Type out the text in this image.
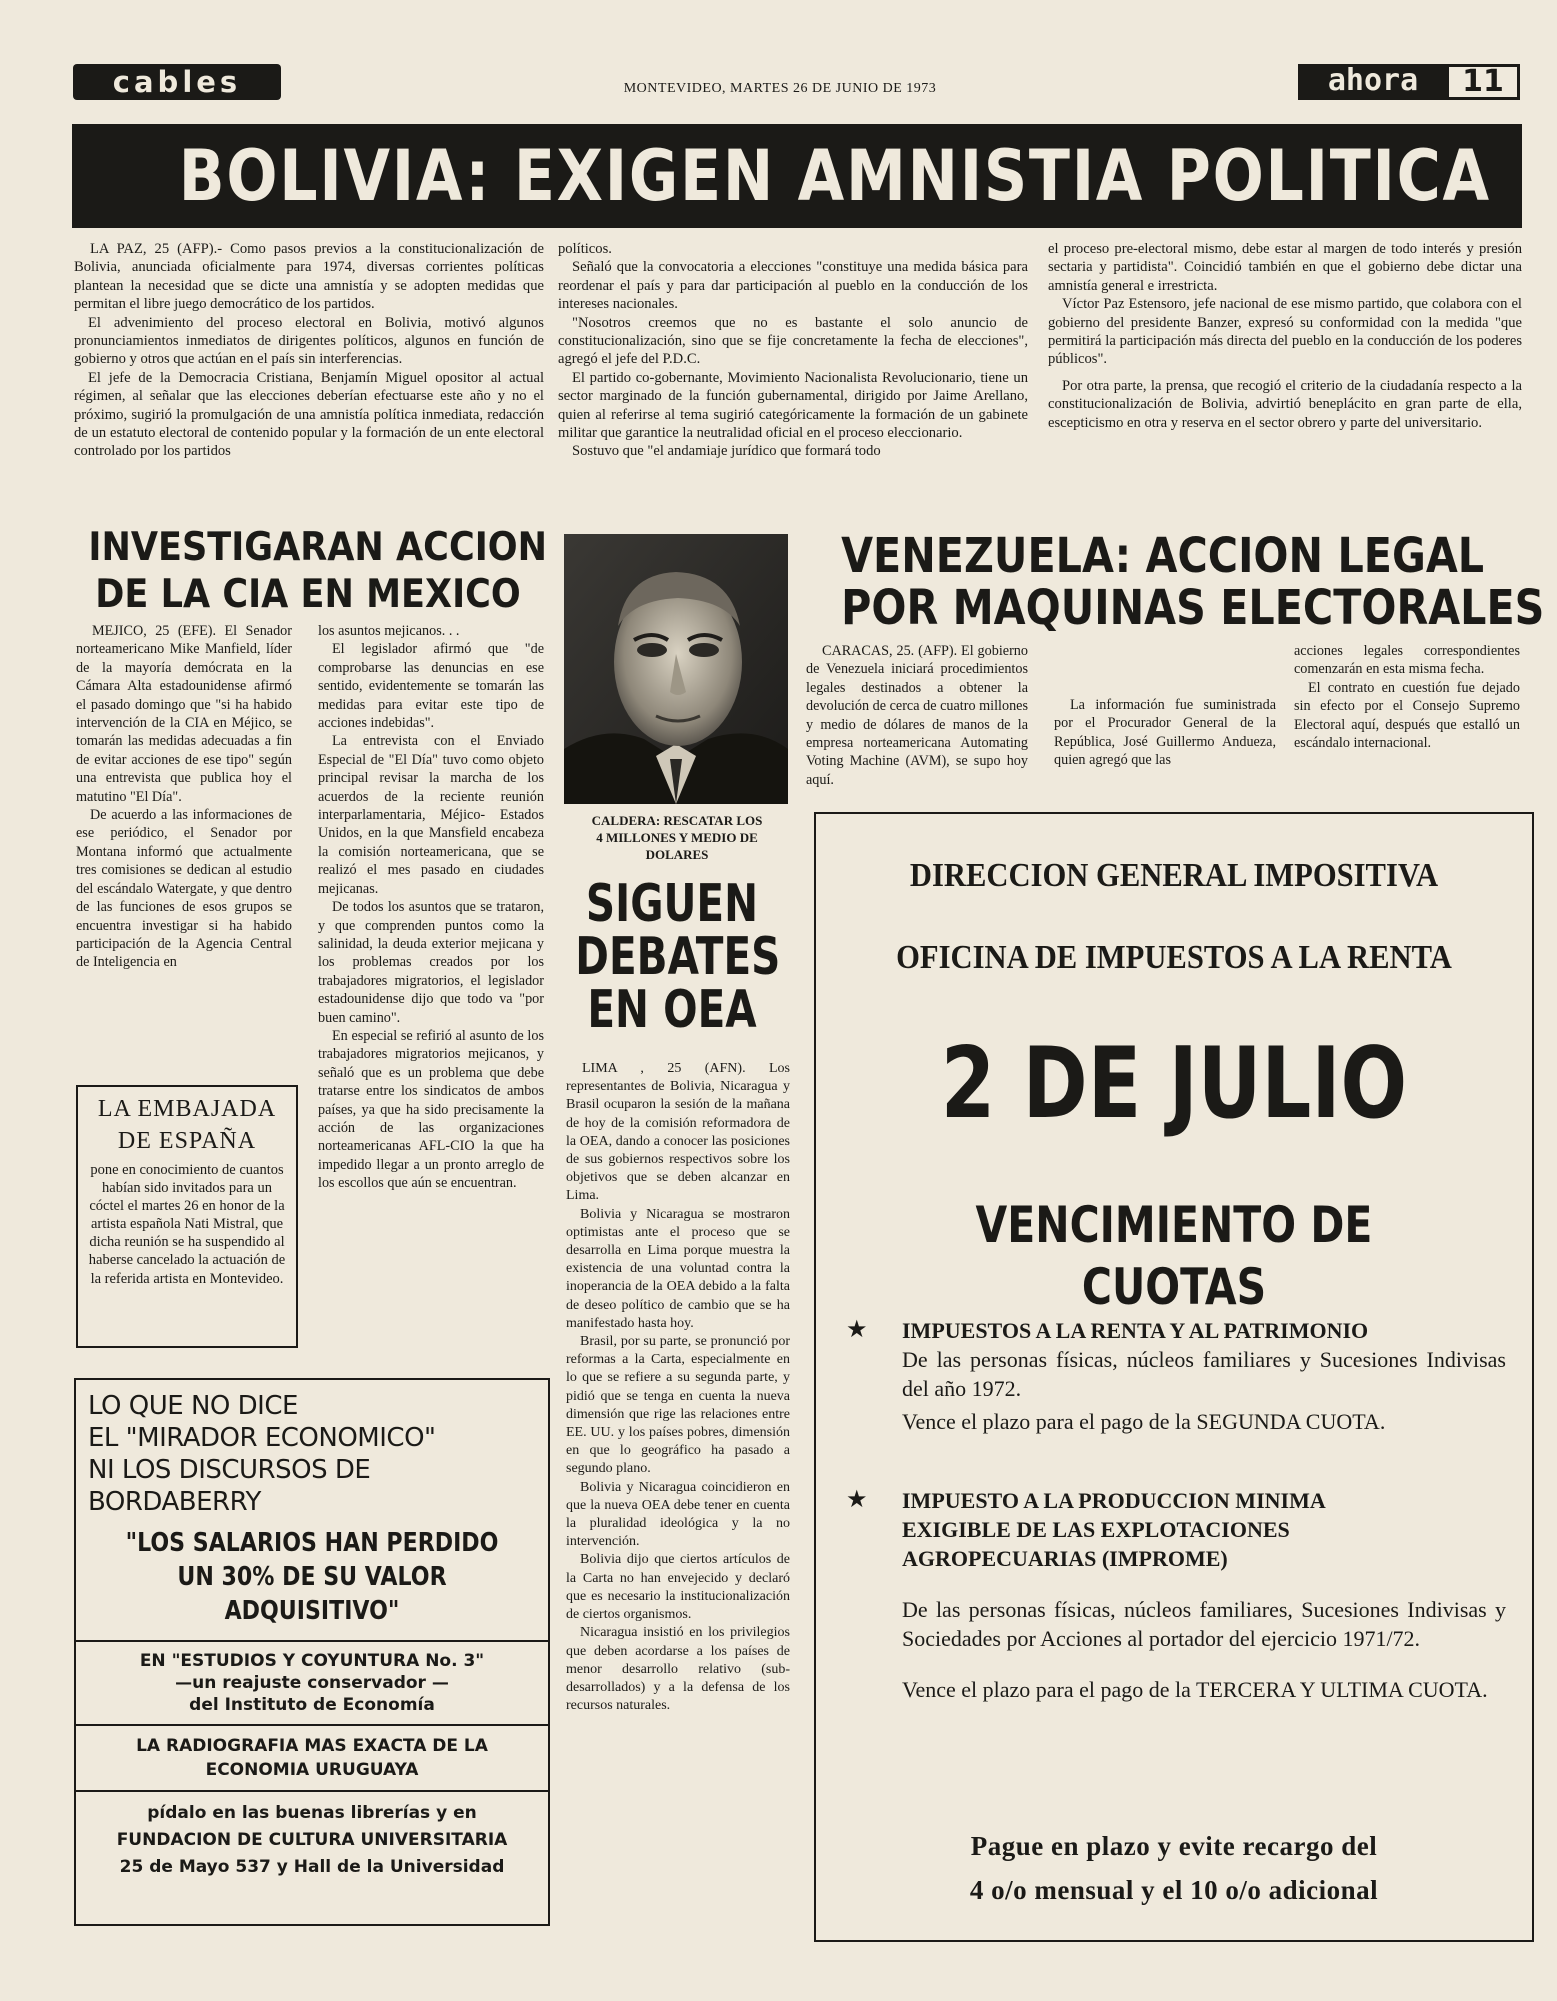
cables	MONTEVIDEO, MARTES 26 DE JUNIO DE 1973	ahora	11
BOLIVIA: EXIGEN AMNISTIA POLITICA

LA PAZ, 25 (AFP).- Como pasos previos a la constitucionalización de Bolivia, anunciada oficialmente para 1974, diversas corrientes políticas plantean la necesidad que se dicte una amnistía y se adopten medidas que permitan el libre juego democrático de los partidos.

El advenimiento del proceso electoral en Bolivia, motivó algunos pronunciamientos inmediatos de dirigentes políticos, algunos en función de gobierno y otros que actúan en el país sin interferencias.

El jefe de la Democracia Cristiana, Benjamín Miguel opositor al actual régimen, al señalar que las elecciones deberían efectuarse este año y no el próximo, sugirió la promulgación de una amnistía política inmediata, redacción de un estatuto electoral de contenido popular y la formación de un ente electoral controlado por los partidos

políticos.

Señaló que la convocatoria a elecciones "constituye una medida básica para reordenar el país y para dar participación al pueblo en la conducción de los intereses nacionales.

"Nosotros creemos que no es bastante el solo anuncio de constitucionalización, sino que se fije concretamente la fecha de elecciones", agregó el jefe del P.D.C.

El partido co-gobernante, Movimiento Nacionalista Revolucionario, tiene un sector marginado de la función gubernamental, dirigido por Jaime Arellano, quien al referirse al tema sugirió categóricamente la formación de un gabinete militar que garantice la neutralidad oficial en el proceso eleccionario.

Sostuvo que "el andamiaje jurídico que formará todo

el proceso pre-electoral mismo, debe estar al margen de todo interés y presión sectaria y partidista". Coincidió también en que el gobierno debe dictar una amnistía general e irrestricta.

Víctor Paz Estensoro, jefe nacional de ese mismo partido, que colabora con el gobierno del presidente Banzer, expresó su conformidad con la medida "que permitirá la participación más directa del pueblo en la conducción de los poderes públicos".

Por otra parte, la prensa, que recogió el criterio de la ciudadanía respecto a la constitucionalización de Bolivia, advirtió beneplácito en gran parte de ella, escepticismo en otra y reserva en el sector obrero y parte del universitario.

INVESTIGARAN ACCION
DE LA CIA EN MEXICO

MEJICO, 25 (EFE). El Senador norteamericano Mike Manfield, líder de la mayoría demócrata en la Cámara Alta estadounidense afirmó el pasado domingo que "si ha habido intervención de la CIA en Méjico, se tomarán las medidas adecuadas a fin de evitar acciones de ese tipo" según una entrevista que publica hoy el matutino "El Día".

De acuerdo a las informaciones de ese periódico, el Senador por Montana informó que actualmente tres comisiones se dedican al estudio del escándalo Watergate, y que dentro de las funciones de esos grupos se encuentra investigar si ha habido participación de la Agencia Central de Inteligencia en

los asuntos mejicanos. . .

El legislador afirmó que "de comprobarse las denuncias en ese sentido, evidentemente se tomarán las medidas para evitar este tipo de acciones indebidas".

La entrevista con el Enviado Especial de "El Día" tuvo como objeto principal revisar la marcha de los acuerdos de la reciente reunión interparlamentaria, Méjico- Estados Unidos, en la que Mansfield encabeza la comisión norteamericana, que se realizó el mes pasado en ciudades mejicanas.

De todos los asuntos que se trataron, y que comprenden puntos como la salinidad, la deuda exterior mejicana y los problemas creados por los trabajadores migratorios, el legislador estadounidense dijo que todo va "por buen camino".

En especial se refirió al asunto de los trabajadores migratorios mejicanos, y señaló que es un problema que debe tratarse entre los sindicatos de ambos países, ya que ha sido precisamente la acción de las organizaciones norteamericanas AFL-CIO la que ha impedido llegar a un pronto arreglo de los escollos que aún se encuentran.

LA EMBAJADA
DE ESPAÑA
pone en conocimiento de cuantos habían sido invitados para un cóctel el martes 26 en honor de la artista española Nati Mistral, que dicha reunión se ha suspendido al haberse cancelado la actuación de la referida artista en Montevideo.
LO QUE NO DICE
EL "MIRADOR ECONOMICO"
NI LOS DISCURSOS DE
BORDABERRY
"LOS SALARIOS HAN PERDIDO
UN 30% DE SU VALOR
ADQUISITIVO"
EN "ESTUDIOS Y COYUNTURA No. 3"
—un reajuste conservador —
del Instituto de Economía
LA RADIOGRAFIA MAS EXACTA DE LA
ECONOMIA URUGUAYA
pídalo en las buenas librerías y en
FUNDACION DE CULTURA UNIVERSITARIA
25 de Mayo 537 y Hall de la Universidad
CALDERA: RESCATAR LOS
4 MILLONES Y MEDIO DE
DOLARES
SIGUEN
DEBATES
EN OEA

LIMA , 25 (AFN). Los representantes de Bolivia, Nicaragua y Brasil ocuparon la sesión de la mañana de hoy de la comisión reformadora de la OEA, dando a conocer las posiciones de sus gobiernos respectivos sobre los objetivos que se deben alcanzar en Lima.

Bolivia y Nicaragua se mostraron optimistas ante el proceso que se desarrolla en Lima porque muestra la existencia de una voluntad contra la inoperancia de la OEA debido a la falta de deseo político de cambio que se ha manifestado hasta hoy.

Brasil, por su parte, se pronunció por reformas a la Carta, especialmente en lo que se refiere a su segunda parte, y pidió que se tenga en cuenta la nueva dimensión que rige las relaciones entre EE. UU. y los países pobres, dimensión en que lo geográfico ha pasado a segundo plano.

Bolivia y Nicaragua coincidieron en que la nueva OEA debe tener en cuenta la pluralidad ideológica y la no intervención.

Bolivia dijo que ciertos artículos de la Carta no han envejecido y declaró que es necesario la institucionalización de ciertos organismos.

Nicaragua insistió en los privilegios que deben acordarse a los países de menor desarrollo relativo (sub- desarrollados) y a la defensa de los recursos naturales.

VENEZUELA: ACCION LEGAL
POR MAQUINAS ELECTORALES

CARACAS, 25. (AFP). El gobierno de Venezuela iniciará procedimientos legales destinados a obtener la devolución de cerca de cuatro millones y medio de dólares de manos de la empresa norteamericana Automating Voting Machine (AVM), se supo hoy aquí.

La información fue suministrada por el Procurador General de la República, José Guillermo Andueza, quien agregó que las

acciones legales correspondientes comenzarán en esta misma fecha.

El contrato en cuestión fue dejado sin efecto por el Consejo Supremo Electoral aquí, después que estalló un escándalo internacional.

DIRECCION GENERAL IMPOSITIVA
OFICINA DE IMPUESTOS A LA RENTA
2 DE JULIO
VENCIMIENTO DE CUOTAS
★ IMPUESTOS A LA RENTA Y AL PATRIMONIO
De las personas físicas, núcleos familiares y Sucesiones Indivisas del año 1972.
Vence el plazo para el pago de la SEGUNDA CUOTA.
★ IMPUESTO A LA PRODUCCION MINIMA EXIGIBLE DE LAS EXPLOTACIONES AGROPECUARIAS (IMPROME)
De las personas físicas, núcleos familiares, Sucesiones Indivisas y Sociedades por Acciones al portador del ejercicio 1971/72.
Vence el plazo para el pago de la TERCERA Y ULTIMA CUOTA.
Pague en plazo y evite recargo del
4 o/o mensual y el 10 o/o adicional
